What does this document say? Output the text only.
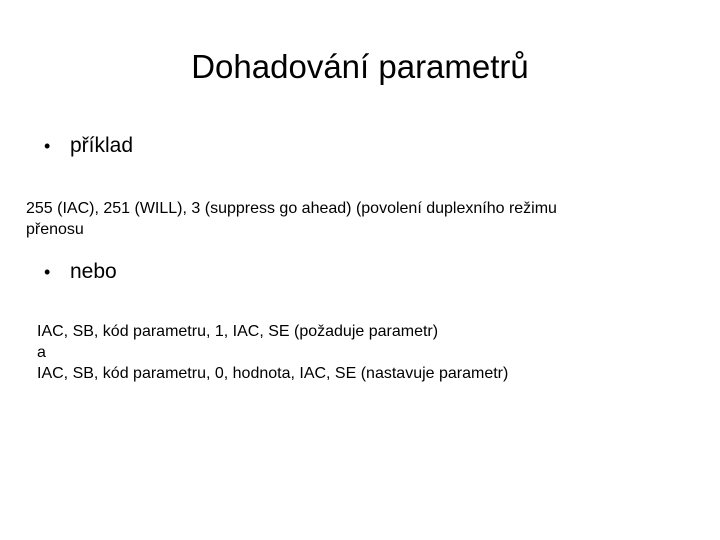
Dohadování parametrů
• příklad

255 (IAC), 251 (WILL), 3 (suppress go ahead) (povolení duplexního režimu
přenosu

• nebo

IAC, SB, kód parametru, 1, IAC, SE (požaduje parametr)
a
IAC, SB, kód parametru, 0, hodnota, IAC, SE (nastavuje parametr)
